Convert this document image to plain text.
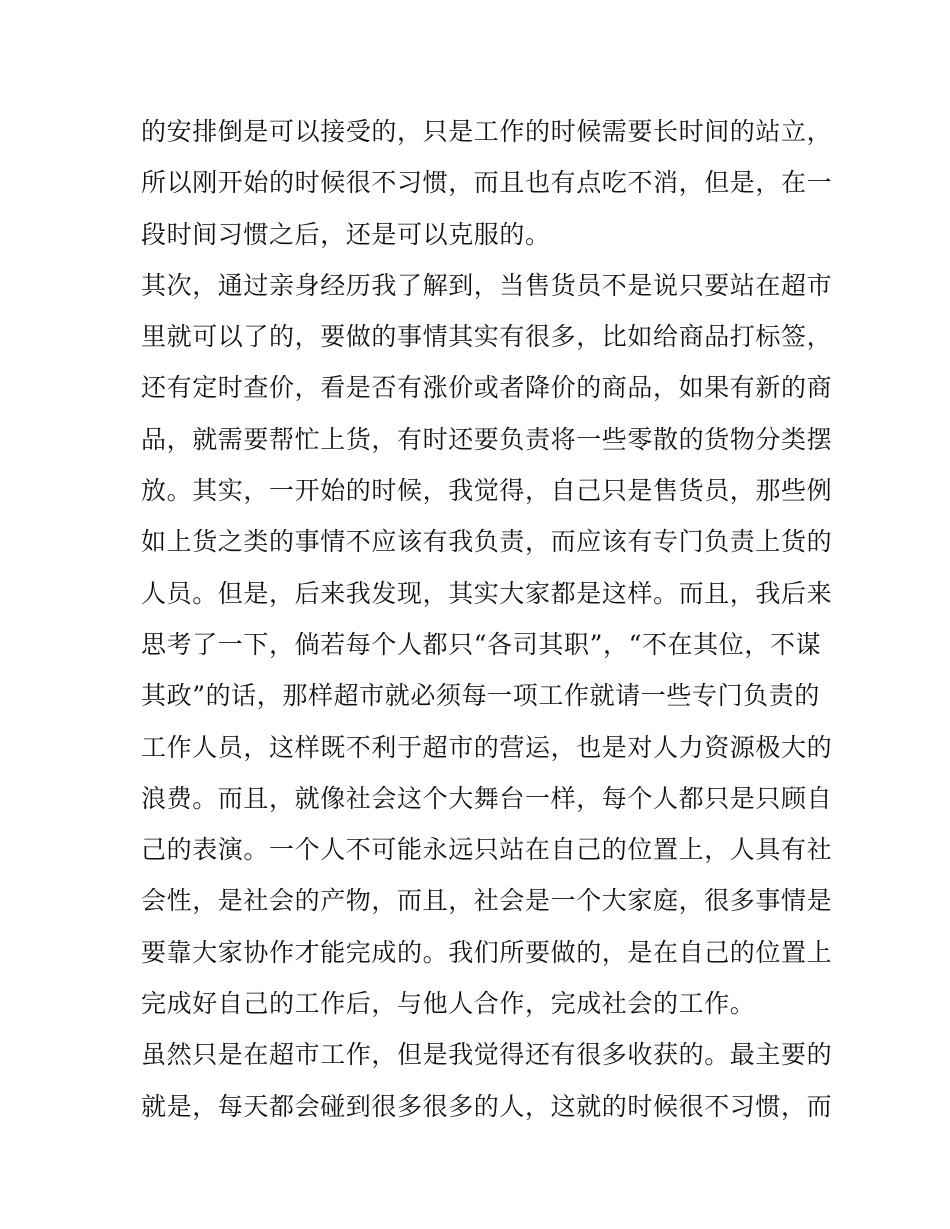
的安排倒是可以接受的，只是工作的时候需要长时间的站立，
所以刚开始的时候很不习惯，而且也有点吃不消，但是，在一
段时间习惯之后，还是可以克服的。
其次，通过亲身经历我了解到，当售货员不是说只要站在超市
里就可以了的，要做的事情其实有很多，比如给商品打标签，
还有定时查价，看是否有涨价或者降价的商品，如果有新的商
品，就需要帮忙上货，有时还要负责将一些零散的货物分类摆
放。其实，一开始的时候，我觉得，自己只是售货员，那些例
如上货之类的事情不应该有我负责，而应该有专门负责上货的
人员。但是，后来我发现，其实大家都是这样。而且，我后来
思考了一下，倘若每个人都只“各司其职”，“不在其位，不谋
其政”的话，那样超市就必须每一项工作就请一些专门负责的
工作人员，这样既不利于超市的营运，也是对人力资源极大的
浪费。而且，就像社会这个大舞台一样，每个人都只是只顾自
己的表演。一个人不可能永远只站在自己的位置上，人具有社
会性，是社会的产物，而且，社会是一个大家庭，很多事情是
要靠大家协作才能完成的。我们所要做的，是在自己的位置上
完成好自己的工作后，与他人合作，完成社会的工作。
虽然只是在超市工作，但是我觉得还有很多收获的。最主要的
就是，每天都会碰到很多很多的人，这就的时候很不习惯，而
